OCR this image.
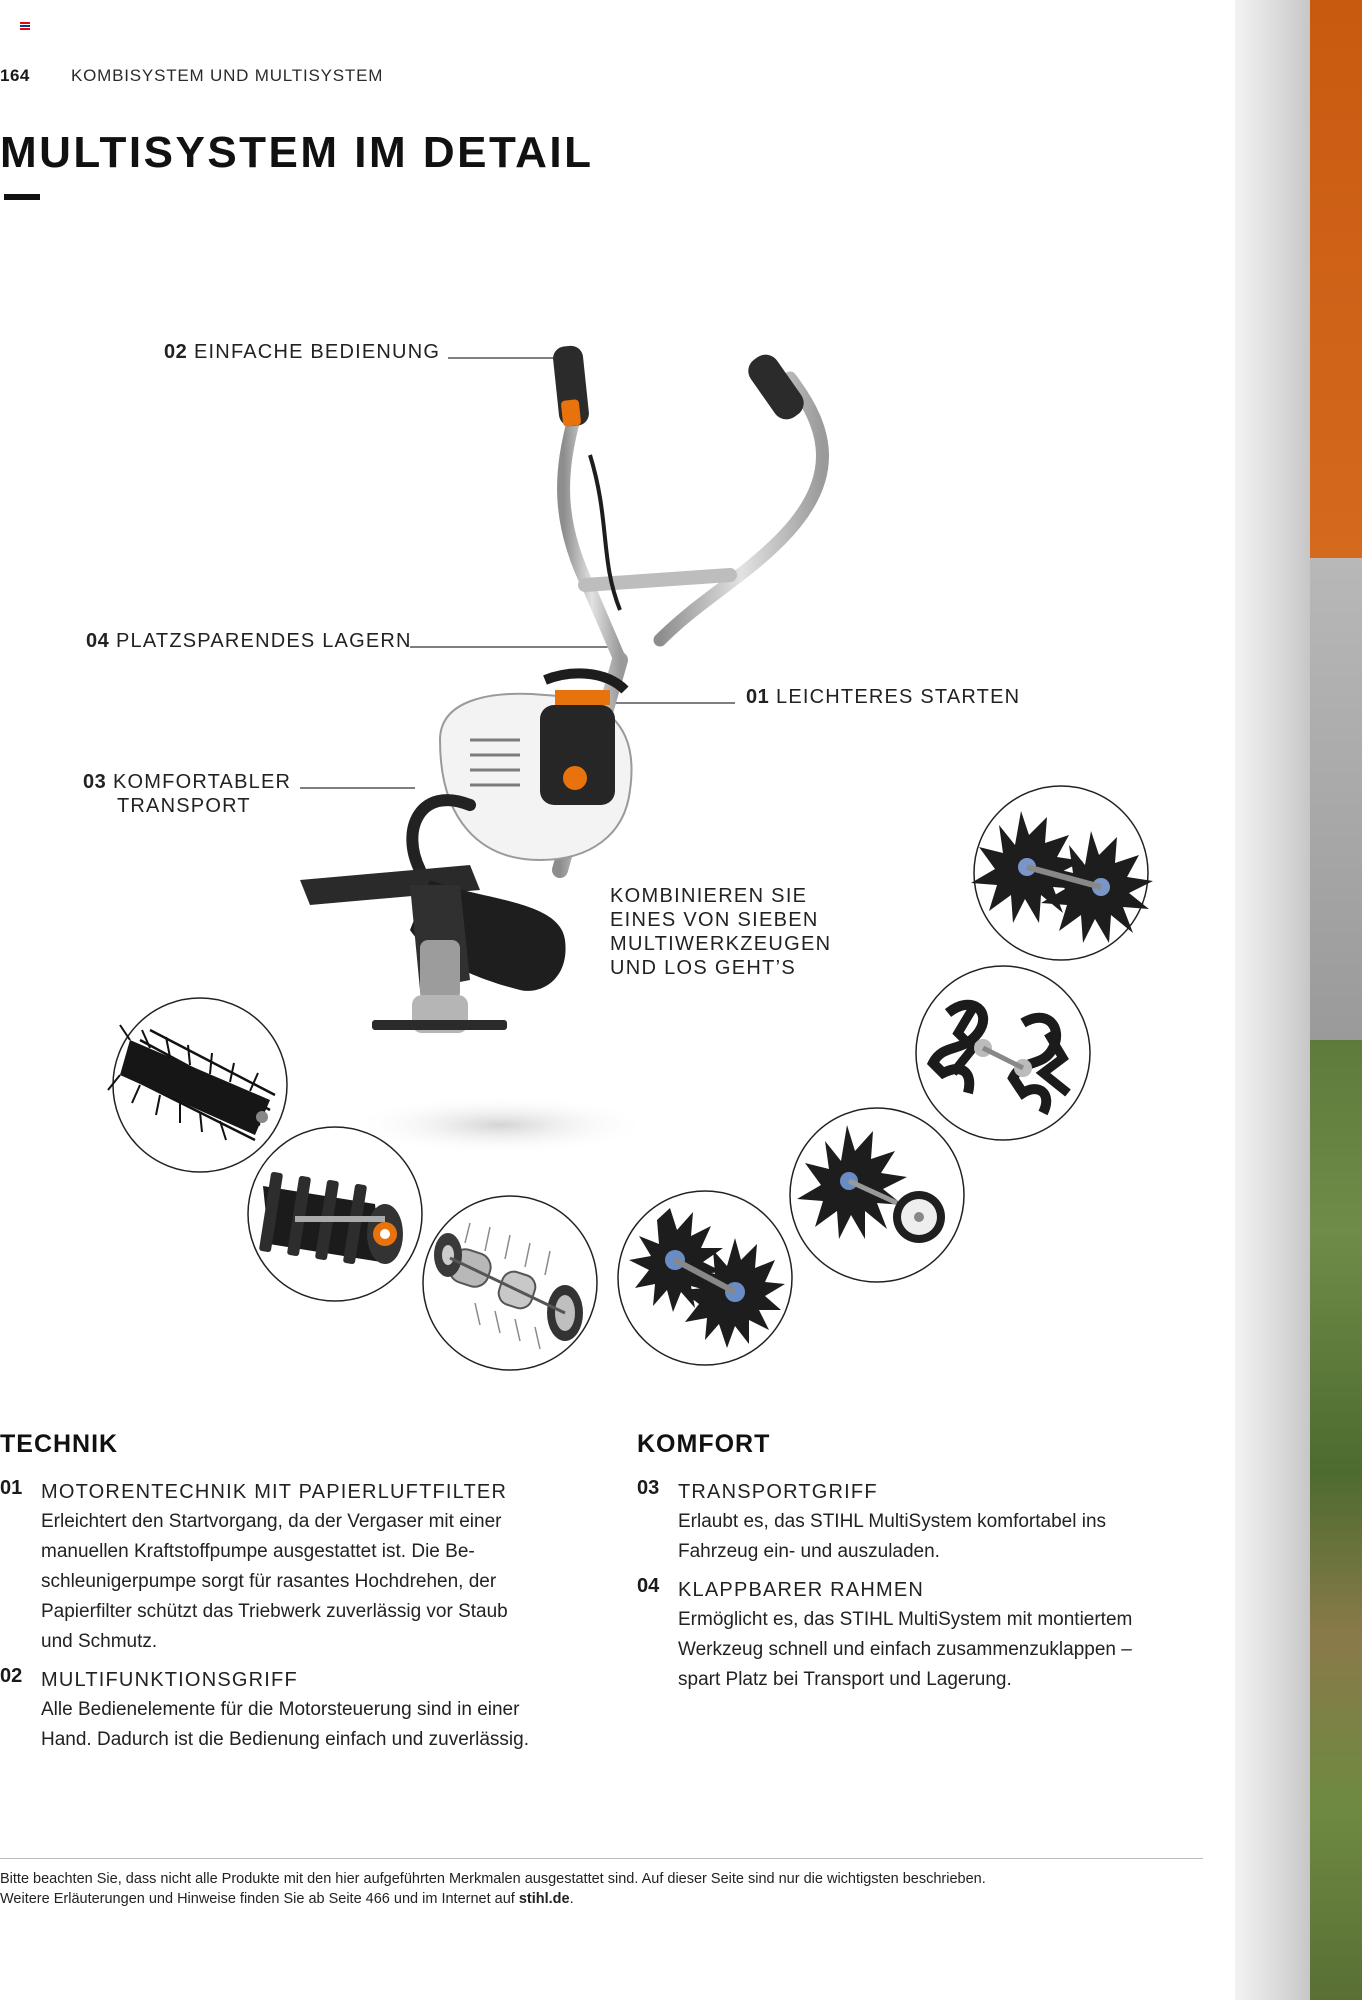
164 KOMBISYSTEM UND MULTISYSTEM
MULTISYSTEM IM DETAIL
02 EINFACHE BEDIENUNG
04 PLATZSPARENDES LAGERN
01 LEICHTERES STARTEN
03 KOMFORTABLER
TRANSPORT
KOMBINIEREN SIE
EINES VON SIEBEN
MULTIWERKZEUGEN
UND LOS GEHT’S
TECHNIK
01 MOTORENTECHNIK MIT PAPIERLUFTFILTER
Erleichtert den Startvorgang, da der Vergaser mit einer
manuellen Kraftstoffpumpe ausgestattet ist. Die Be-
schleunigerpumpe sorgt für rasantes Hochdrehen, der
Papierfilter schützt das Triebwerk zuverlässig vor Staub
und Schmutz.
02 MULTIFUNKTIONSGRIFF
Alle Bedienelemente für die Motorsteuerung sind in einer
Hand. Dadurch ist die Bedienung einfach und zuverlässig.
KOMFORT
03 TRANSPORTGRIFF
Erlaubt es, das STIHL MultiSystem komfortabel ins
Fahrzeug ein- und auszuladen.
04 KLAPPBARER RAHMEN
Ermöglicht es, das STIHL MultiSystem mit montiertem
Werkzeug schnell und einfach zusammenzuklappen –
spart Platz bei Transport und Lagerung.
Bitte beachten Sie, dass nicht alle Produkte mit den hier aufgeführten Merkmalen ausgestattet sind. Auf dieser Seite sind nur die wichtigsten beschrieben.
Weitere Erläuterungen und Hinweise finden Sie ab Seite 466 und im Internet auf stihl.de.
